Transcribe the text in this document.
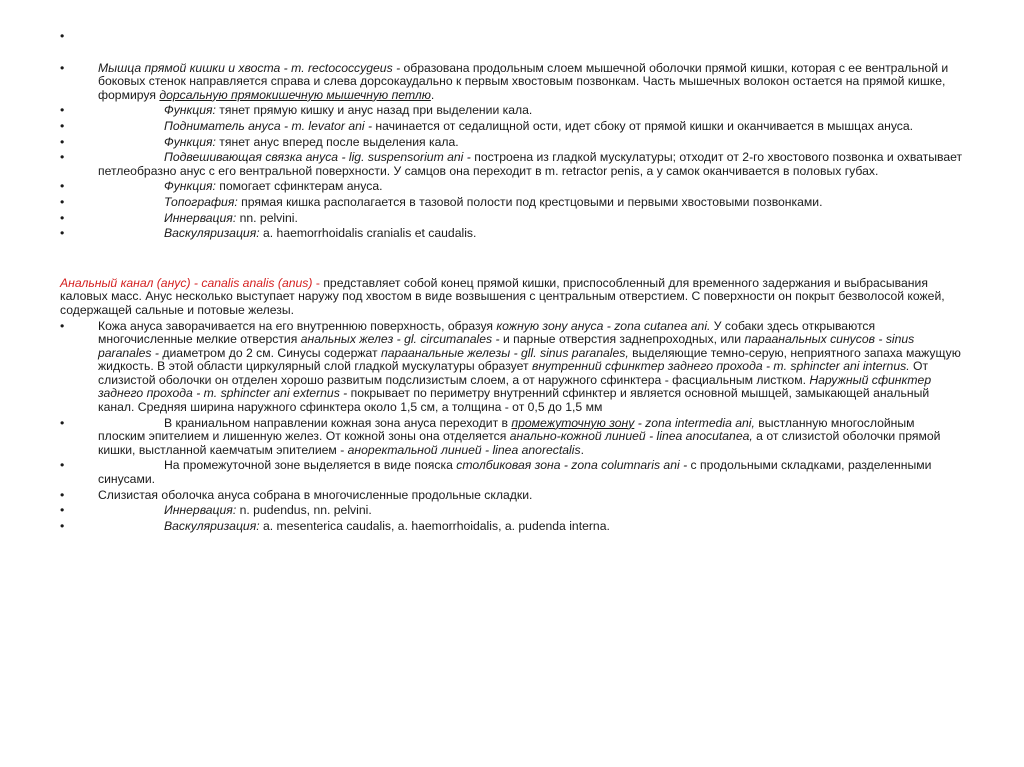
•

•	Мышца прямой кишки и хвоста - m. rectococcygeus - образована продольным слоем мышечной оболочки прямой кишки, которая с ее вентральной и боковых стенок направляется справа и слева дорсокаудально к первым хвостовым позвонкам. Часть мышечных волокон остается на прямой кишке, формируя дорсальную прямокишечную мышечную петлю.
•	Функция: тянет прямую кишку и анус назад при выделении кала.
•	Подниматель ануса - m. levator ani - начинается от седалищной ости, идет сбоку от прямой кишки и оканчивается в мышцах ануса.
•	Функция: тянет анус вперед после выделения кала.
•	Подвешивающая связка ануса - lig. suspensorium ani - построена из гладкой мускулатуры; отходит от 2-го хвостового позвонка и охватывает петлеобразно анус с его вентральной поверхности. У самцов она переходит в m. retractor penis, а у самок оканчивается в половых губах.
•	Функция: помогает сфинктерам ануса.
•	Топография: прямая кишка располагается в тазовой полости под крестцовыми и первыми хвостовыми позвонками.
•	Иннервация: nn. pelvini.
•	Васкуляризация: a. haemorrhoidalis cranialis et caudalis.
Анальный канал (анус) - canalis analis (anus) - представляет собой конец прямой кишки, приспособленный для временного задержания и выбрасывания каловых масс. Анус несколько выступает наружу под хвостом в виде возвышения с центральным отверстием. С поверхности он покрыт безволосой кожей, содержащей сальные и потовые железы.
•	Кожа ануса заворачивается на его внутреннюю поверхность, образуя кожную зону ануса - zona cutanea ani. У собаки здесь открываются многочисленные мелкие отверстия анальных желез - gl. circumanales - и парные отверстия заднепроходных, или параанальных синусов - sinus paranales - диаметром до 2 см. Синусы содержат параанальные железы - gll. sinus paranales, выделяющие темно-серую, неприятного запаха мажущую жидкость. В этой области циркулярный слой гладкой мускулатуры образует внутренний сфинктер заднего прохода - m. sphincter ani internus. От слизистой оболочки он отделен хорошо развитым подслизистым слоем, а от наружного сфинктера - фасциальным листком. Наружный сфинктер заднего прохода - m. sphincter ani externus - покрывает по периметру внутренний сфинктер и является основной мышцей, замыкающей анальный канал. Средняя ширина наружного сфинктера около 1,5 см, а толщина - от 0,5 до 1,5 мм
•	В краниальном направлении кожная зона ануса переходит в промежуточную зону - zona intermedia ani, выстланную многослойным плоским эпителием и лишенную желез. От кожной зоны она отделяется анально-кожной линией - linea anocutanea, а от слизистой оболочки прямой кишки, выстланной каемчатым эпителием - аноректальной линией - linea anorectalis.
•	На промежуточной зоне выделяется в виде пояска столбиковая зона - zona columnaris ani - с продольными складками, разделенными синусами.
•	Слизистая оболочка ануса собрана в многочисленные продольные складки.
•	Иннервация: n. pudendus, nn. pelvini.
•	Васкуляризация: a. mesenterica caudalis, a. haemorrhoidalis, a. pudenda interna.
